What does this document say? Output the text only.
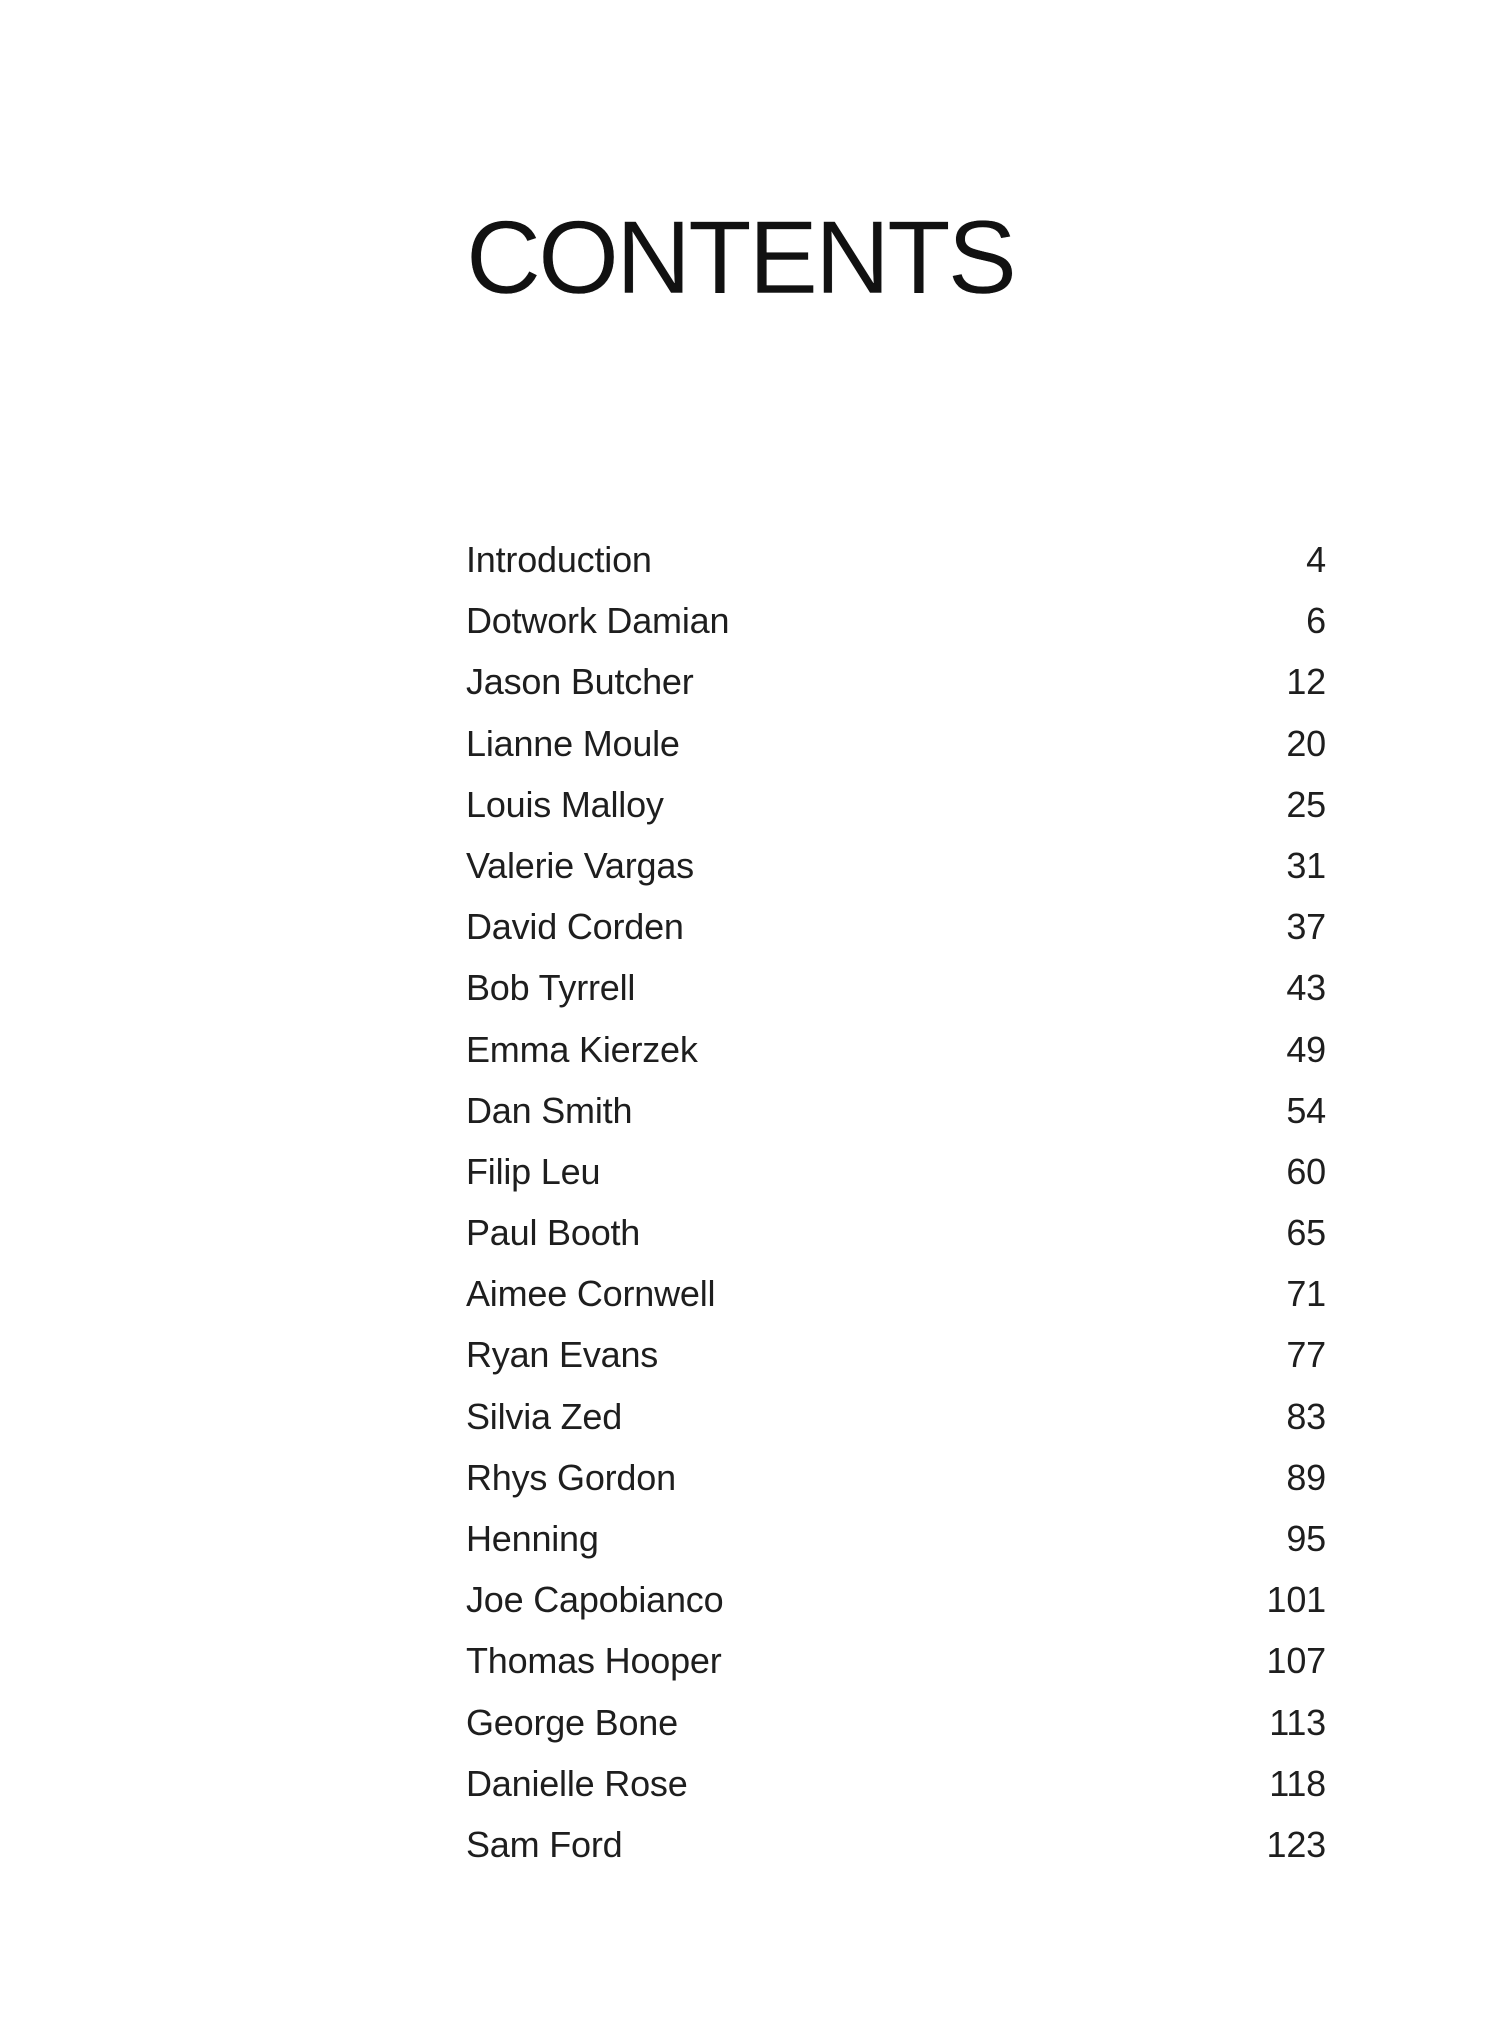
CONTENTS
Introduction	4
Dotwork Damian	6
Jason Butcher	12
Lianne Moule	20
Louis Malloy	25
Valerie Vargas	31
David Corden	37
Bob Tyrrell	43
Emma Kierzek	49
Dan Smith	54
Filip Leu	60
Paul Booth	65
Aimee Cornwell	71
Ryan Evans	77
Silvia Zed	83
Rhys Gordon	89
Henning	95
Joe Capobianco	101
Thomas Hooper	107
George Bone	113
Danielle Rose	118
Sam Ford	123
